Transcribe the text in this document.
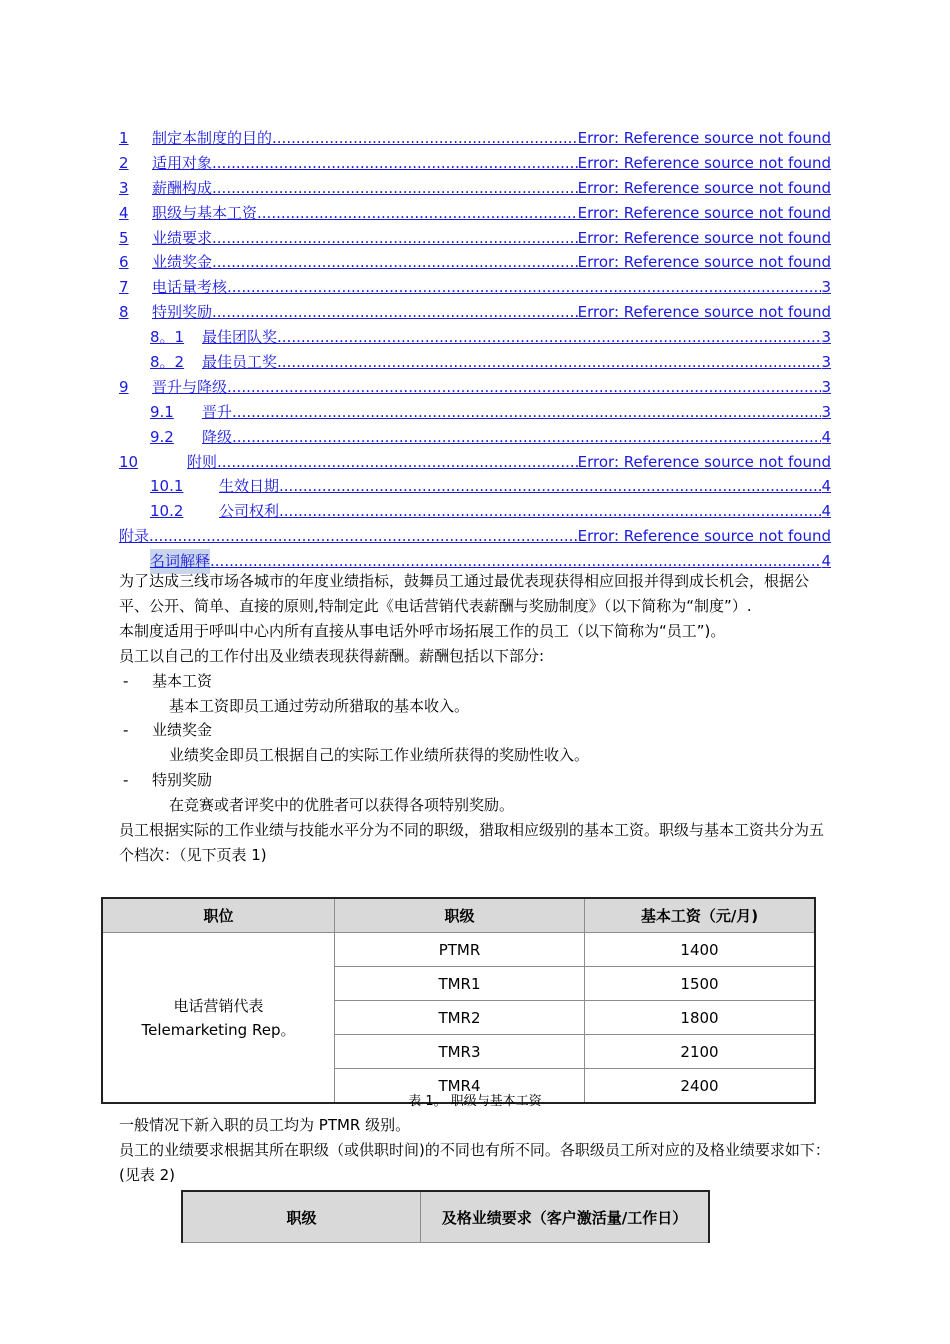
1	制定本制度的目的 .....	Error: Reference source not found
2	适用对象 .....	Error: Reference source not found
3	薪酬构成 .....	Error: Reference source not found
4	职级与基本工资 .....	Error: Reference source not found
5	业绩要求 .....	Error: Reference source not found
6	业绩奖金 .....	Error: Reference source not found
7	电话量考核 .....	3
8	特别奖励 .....	Error: Reference source not found
8。1	最佳团队奖 .....	3
8。2	最佳员工奖 .....	3
9	晋升与降级 .....	3
9.1	晋升 .....	3
9.2	降级 .....	4
10	附则 .....	Error: Reference source not found
10.1	生效日期 .....	4
10.2	公司权利 .....	4
附录 .....	Error: Reference source not found
名词解释 .....	4

为了达成三线市场各城市的年度业绩指标，鼓舞员工通过最优表现获得相应回报并得到成长机会，根据公平、公开、简单、直接的原则,特制定此《电话营销代表薪酬与奖励制度》（以下简称为“制度”）.

本制度适用于呼叫中心内所有直接从事电话外呼市场拓展工作的员工（以下简称为“员工”)。

员工以自己的工作付出及业绩表现获得薪酬。薪酬包括以下部分:

-	基本工资

基本工资即员工通过劳动所猎取的基本收入。

-	业绩奖金

业绩奖金即员工根据自己的实际工作业绩所获得的奖励性收入。

-	特别奖励

在竞赛或者评奖中的优胜者可以获得各项特别奖励。

员工根据实际的工作业绩与技能水平分为不同的职级，猎取相应级别的基本工资。职级与基本工资共分为五个档次：（见下页表 1)

职位	职级	基本工资（元/月)

电话营销代表
Telemarketing Rep。	PTMR	1400
	TMR1	1500
	TMR2	1800
	TMR3	2100
	TMR4	2400
表 1。 职级与基本工资

一般情况下新入职的员工均为 PTMR 级别。

员工的业绩要求根据其所在职级（或供职时间)的不同也有所不同。各职级员工所对应的及格业绩要求如下：(见表 2)

职级	及格业绩要求（客户激活量/工作日）
